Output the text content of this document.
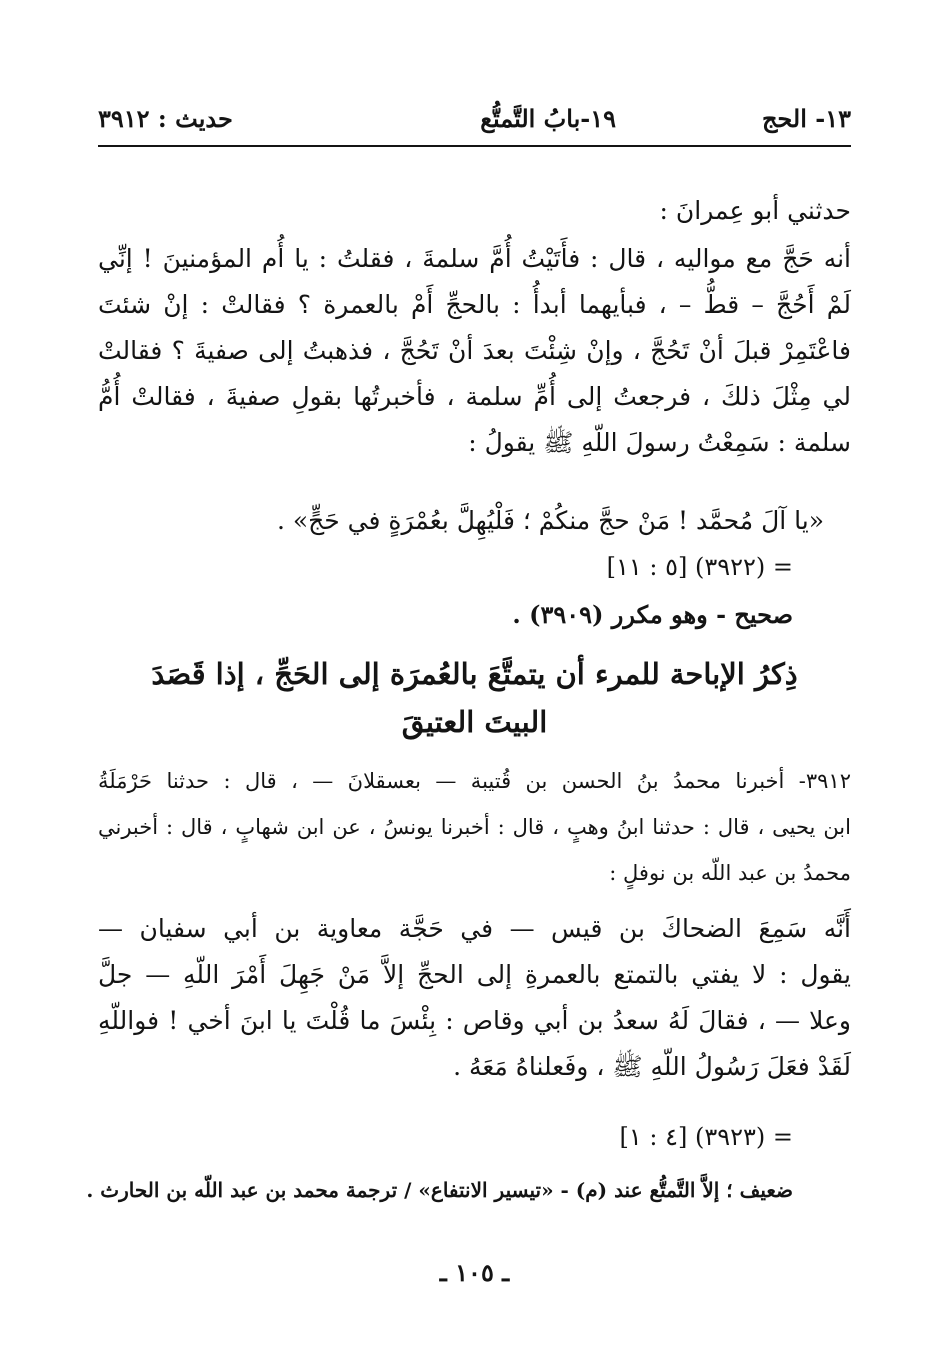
١٣- الحج
١٩-بابُ التَّمتُّع
حديث : ٣٩١٢
حدثني أبو عِمرانَ :
أنه حَجَّ مع مواليه ، قال : فأَتَيْتُ أُمَّ سلمةَ ، فقلتُ : يا أُم المؤمنينَ ! إنِّي
لَمْ أَحُجَّ – قطُّ – ، فبأيهما أبدأُ : بالحجِّ أَمْ بالعمرة ؟ فقالتْ : إنْ شئتَ
فاعْتَمِرْ قبلَ أنْ تَحُجَّ ، وإنْ شِئْتَ بعدَ أنْ تَحُجَّ ، فذهبتُ إلى صفيةَ ؟ فقالتْ
لي مِثْلَ ذلكَ ، فرجعتُ إلى أُمِّ سلمة ، فأخبرتُها بقولِ صفيةَ ، فقالتْ أُمُّ
سلمة : سَمِعْتُ رسولَ اللّهِ ﷺ يقولُ :
«يا آلَ مُحمَّد ! مَنْ حجَّ منكُمْ ؛ فَلْيُهِلَّ بعُمْرَةٍ في حَجٍّ» .
= (٣٩٢٢) [٥ : ١١]
صحيح - وهو مكرر (٣٩٠٩) .
ذِكرُ الإباحة للمرء أن يتمتَّعَ بالعُمرَة إلى الحَجِّ ، إذا قَصَدَ
البيتَ العتيقَ
٣٩١٢- أخبرنا محمدُ بنُ الحسن بن قُتيبة — بعسقلانَ — ، قال : حدثنا حَرْمَلَةُ
ابن يحيى ، قال : حدثنا ابنُ وهبٍ ، قال : أخبرنا يونسُ ، عن ابن شهابٍ ، قال : أخبرني
محمدُ بن عبد اللّه بن نوفلٍ :
أَنَّه سَمِعَ الضحاكَ بن قيس — في حَجَّة معاوية بن أبي سفيان —
يقول : لا يفتي بالتمتع بالعمرةِ إلى الحجِّ إلاَّ مَنْ جَهِلَ أَمْرَ اللّهِ — جلَّ
وعلا — ، فقالَ لَهُ سعدُ بن أبي وقاص : بِئْسَ ما قُلْتَ يا ابنَ أخي ! فواللّهِ
لَقَدْ فعَلَ رَسُولُ اللّهِ ﷺ ، وفَعلناهُ مَعَهُ .
= (٣٩٢٣) [٤ : ١]
ضعيف ؛ إلاَّ التَّمتُّع عند (م) - «تيسير الانتفاع» / ترجمة محمد بن عبد اللّه بن الحارث .
ـ ١٠٥ ـ
